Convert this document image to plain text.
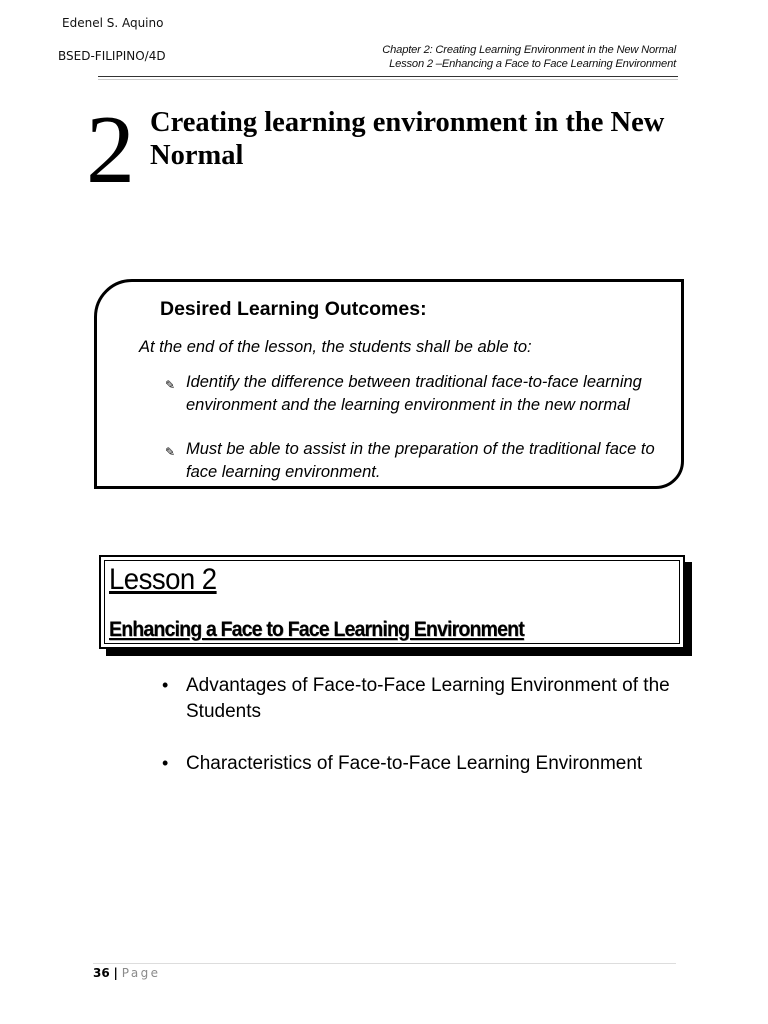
Edenel S. Aquino
BSED-FILIPINO/4D	Chapter 2: Creating Learning Environment in the New Normal
Lesson 2 –Enhancing a Face to Face Learning Environment
2 Creating learning environment in the New Normal
Desired Learning Outcomes:
At the end of the lesson, the students shall be able to:
✎ Identify the difference between traditional face-to-face learning environment and the learning environment in the new normal
✎ Must be able to assist in the preparation of the traditional face to face learning environment.
Lesson 2
Enhancing a Face to Face Learning Environment
• Advantages of Face-to-Face Learning Environment of the Students
• Characteristics of Face-to-Face Learning Environment
36 | Page
